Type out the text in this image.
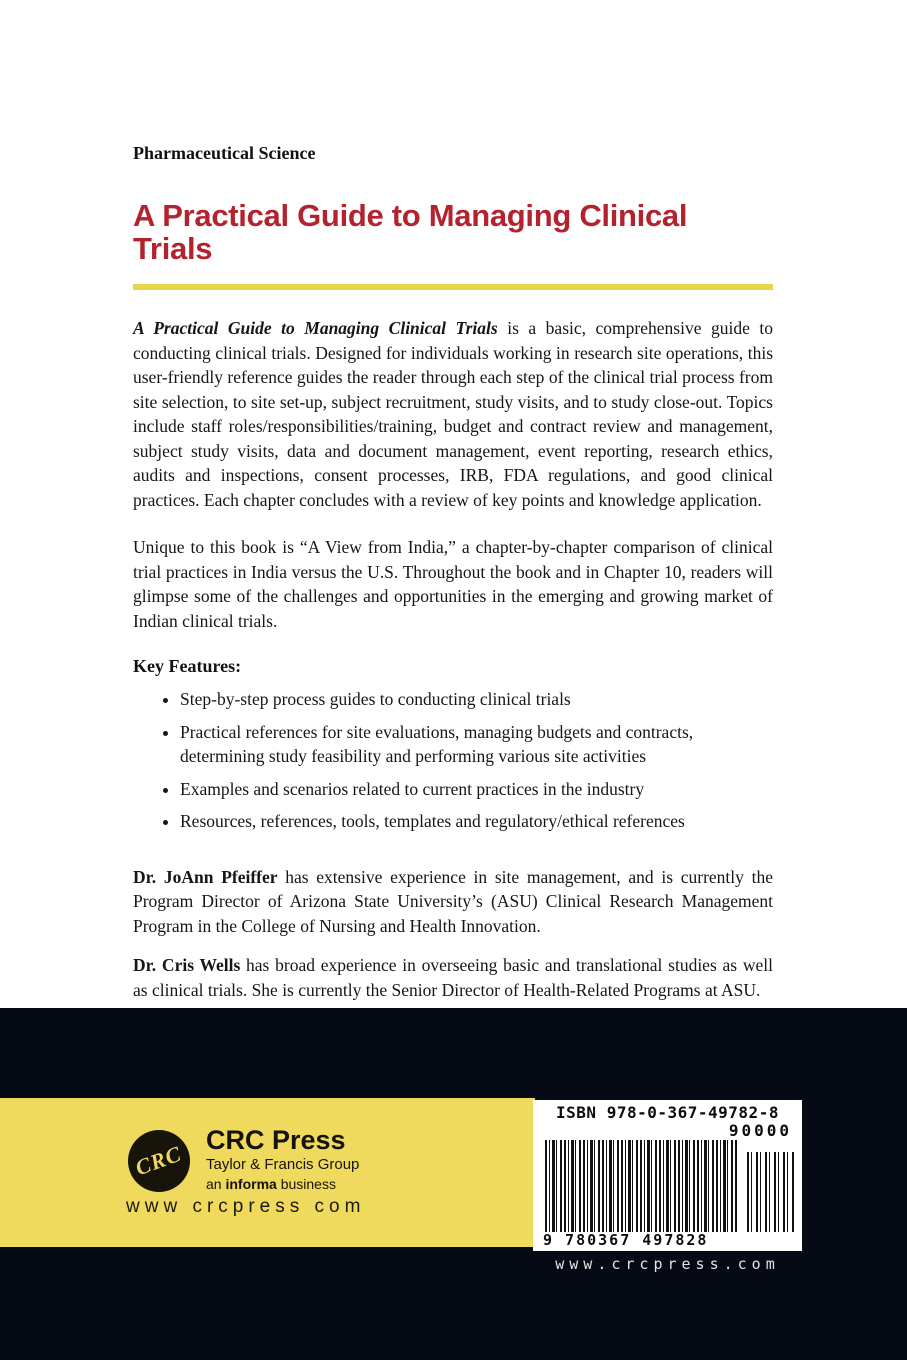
Pharmaceutical Science

A Practical Guide to Managing Clinical Trials

A Practical Guide to Managing Clinical Trials is a basic, comprehensive guide to conducting clinical trials. Designed for individuals working in research site operations, this user-friendly reference guides the reader through each step of the clinical trial process from site selection, to site set-up, subject recruitment, study visits, and to study close-out. Topics include staff roles/responsibilities/training, budget and contract review and management, subject study visits, data and document management, event reporting, research ethics, audits and inspections, consent processes, IRB, FDA regulations, and good clinical practices. Each chapter concludes with a review of key points and knowledge application.

Unique to this book is “A View from India,” a chapter-by-chapter comparison of clinical trial practices in India versus the U.S. Throughout the book and in Chapter 10, readers will glimpse some of the challenges and opportunities in the emerging and growing market of Indian clinical trials.

Key Features:

• Step-by-step process guides to conducting clinical trials
• Practical references for site evaluations, managing budgets and contracts, determining study feasibility and performing various site activities
• Examples and scenarios related to current practices in the industry
• Resources, references, tools, templates and regulatory/ethical references

Dr. JoAnn Pfeiffer has extensive experience in site management, and is currently the Program Director of Arizona State University’s (ASU) Clinical Research Management Program in the College of Nursing and Health Innovation.

Dr. Cris Wells has broad experience in overseeing basic and translational studies as well as clinical trials. She is currently the Senior Director of Health-Related Programs at ASU.

CRC
CRC Press
Taylor & Francis Group
an informa business
www crcpress com
ISBN 978-0-367-49782-8
90000
9 780367 497828
www.crcpress.com
